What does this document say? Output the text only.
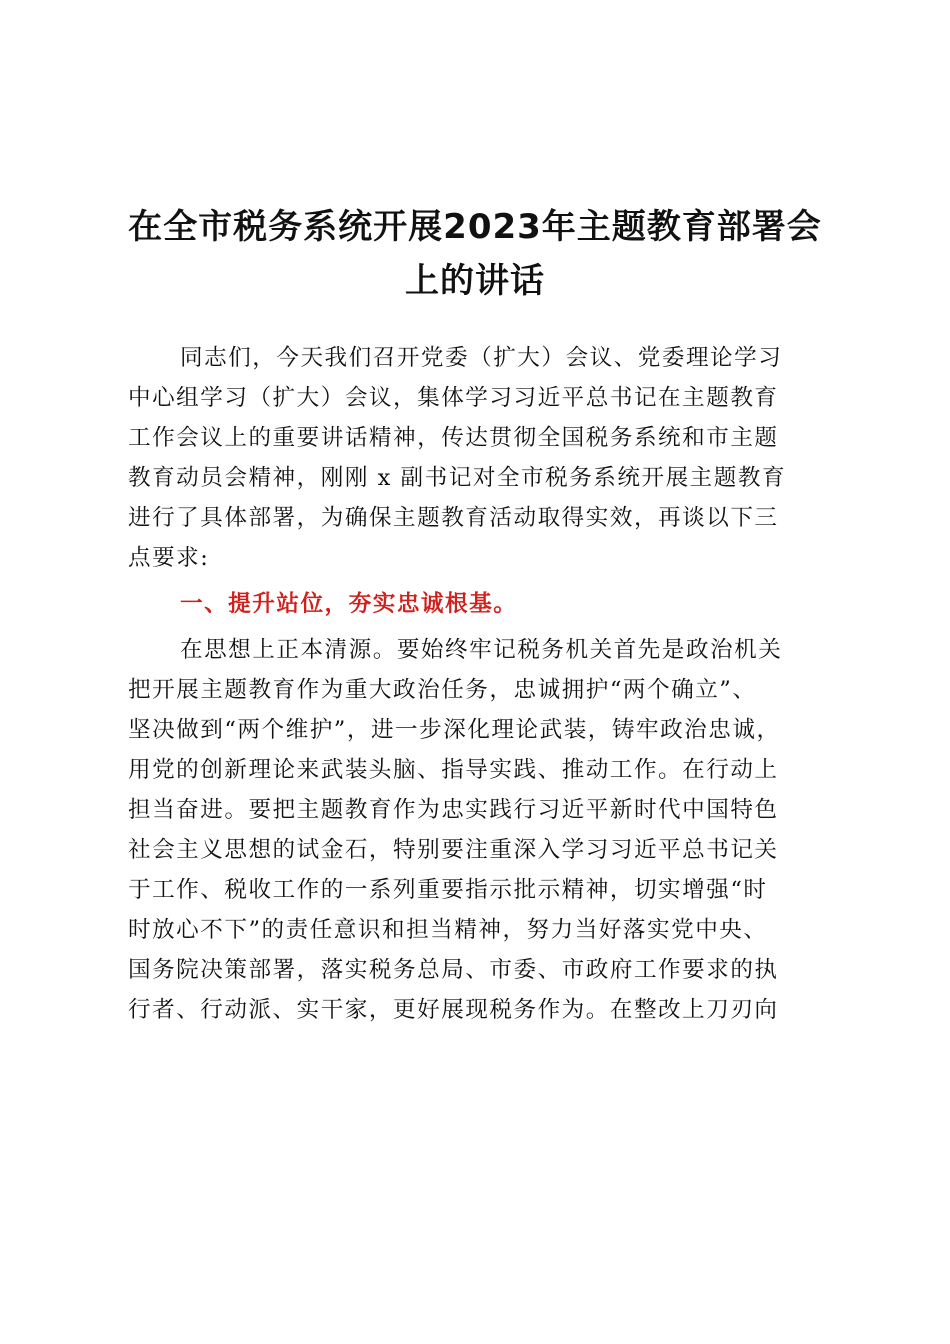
在全市税务系统开展2023年主题教育部署会
上的讲话
同志们，今天我们召开党委（扩大）会议、党委理论学习
中心组学习（扩大）会议，集体学习习近平总书记在主题教育
工作会议上的重要讲话精神，传达贯彻全国税务系统和市主题
教育动员会精神，刚刚 x 副书记对全市税务系统开展主题教育
进行了具体部署，为确保主题教育活动取得实效，再谈以下三
点要求:
一、提升站位，夯实忠诚根基。
在思想上正本清源。要始终牢记税务机关首先是政治机关
把开展主题教育作为重大政治任务，忠诚拥护“两个确立”、
坚决做到“两个维护”，进一步深化理论武装，铸牢政治忠诚，
用党的创新理论来武装头脑、指导实践、推动工作。在行动上
担当奋进。要把主题教育作为忠实践行习近平新时代中国特色
社会主义思想的试金石，特别要注重深入学习习近平总书记关
于工作、税收工作的一系列重要指示批示精神，切实增强“时
时放心不下”的责任意识和担当精神，努力当好落实党中央、
国务院决策部署，落实税务总局、市委、市政府工作要求的执
行者、行动派、实干家，更好展现税务作为。在整改上刀刃向
